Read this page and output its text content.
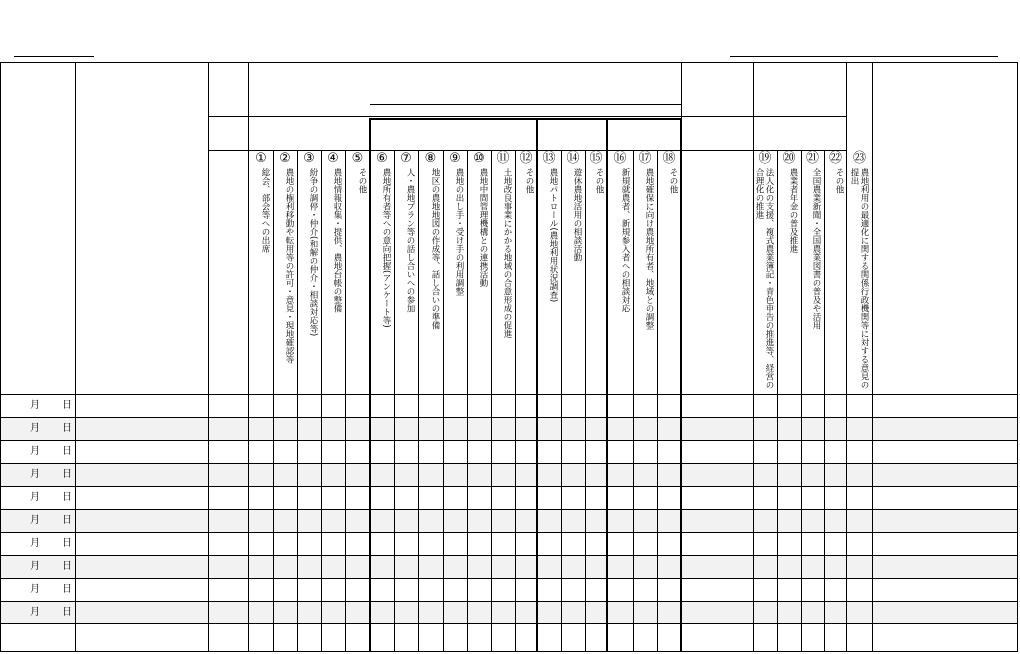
①
総会、部会等への出席
②
農地の権利移動や転用等の許可・意見・現地確認等
③
紛争の調停・仲介(和解の仲介・相談対応等)
④
農地情報収集・提供、農地台帳の整備
⑤
その他
⑥
農地所有者等への意向把握(アンケート等)
⑦
人・農地プラン等の話し合いへの参加
⑧
地区の農地地図の作成等、話し合いの準備
⑨
農地の出し手・受け手の利用調整
⑩
農地中間管理機構との連携活動
⑪
土地改良事業にかかる地域の合意形成の促進
⑫
その他
⑬
農地パトロール(農地利用状況調査)
⑭
遊休農地活用の相談活動
⑮
その他
⑯
新規就農者、新規参入者への相談対応
⑰
農地確保に向け農地所有者、地域との調整
⑱
その他
⑲
法人化の支援、複式農業簿記・青色申告の推進等、経営の合理化の推進
⑳
農業者年金の普及推進
㉑
全国農業新聞・全国農業図書の普及や活用
㉒
その他
㉓
農地利用の最適化に関する関係行政機関等に対する意見の提出
月 日
月 日
月 日
月 日
月 日
月 日
月 日
月 日
月 日
月 日
